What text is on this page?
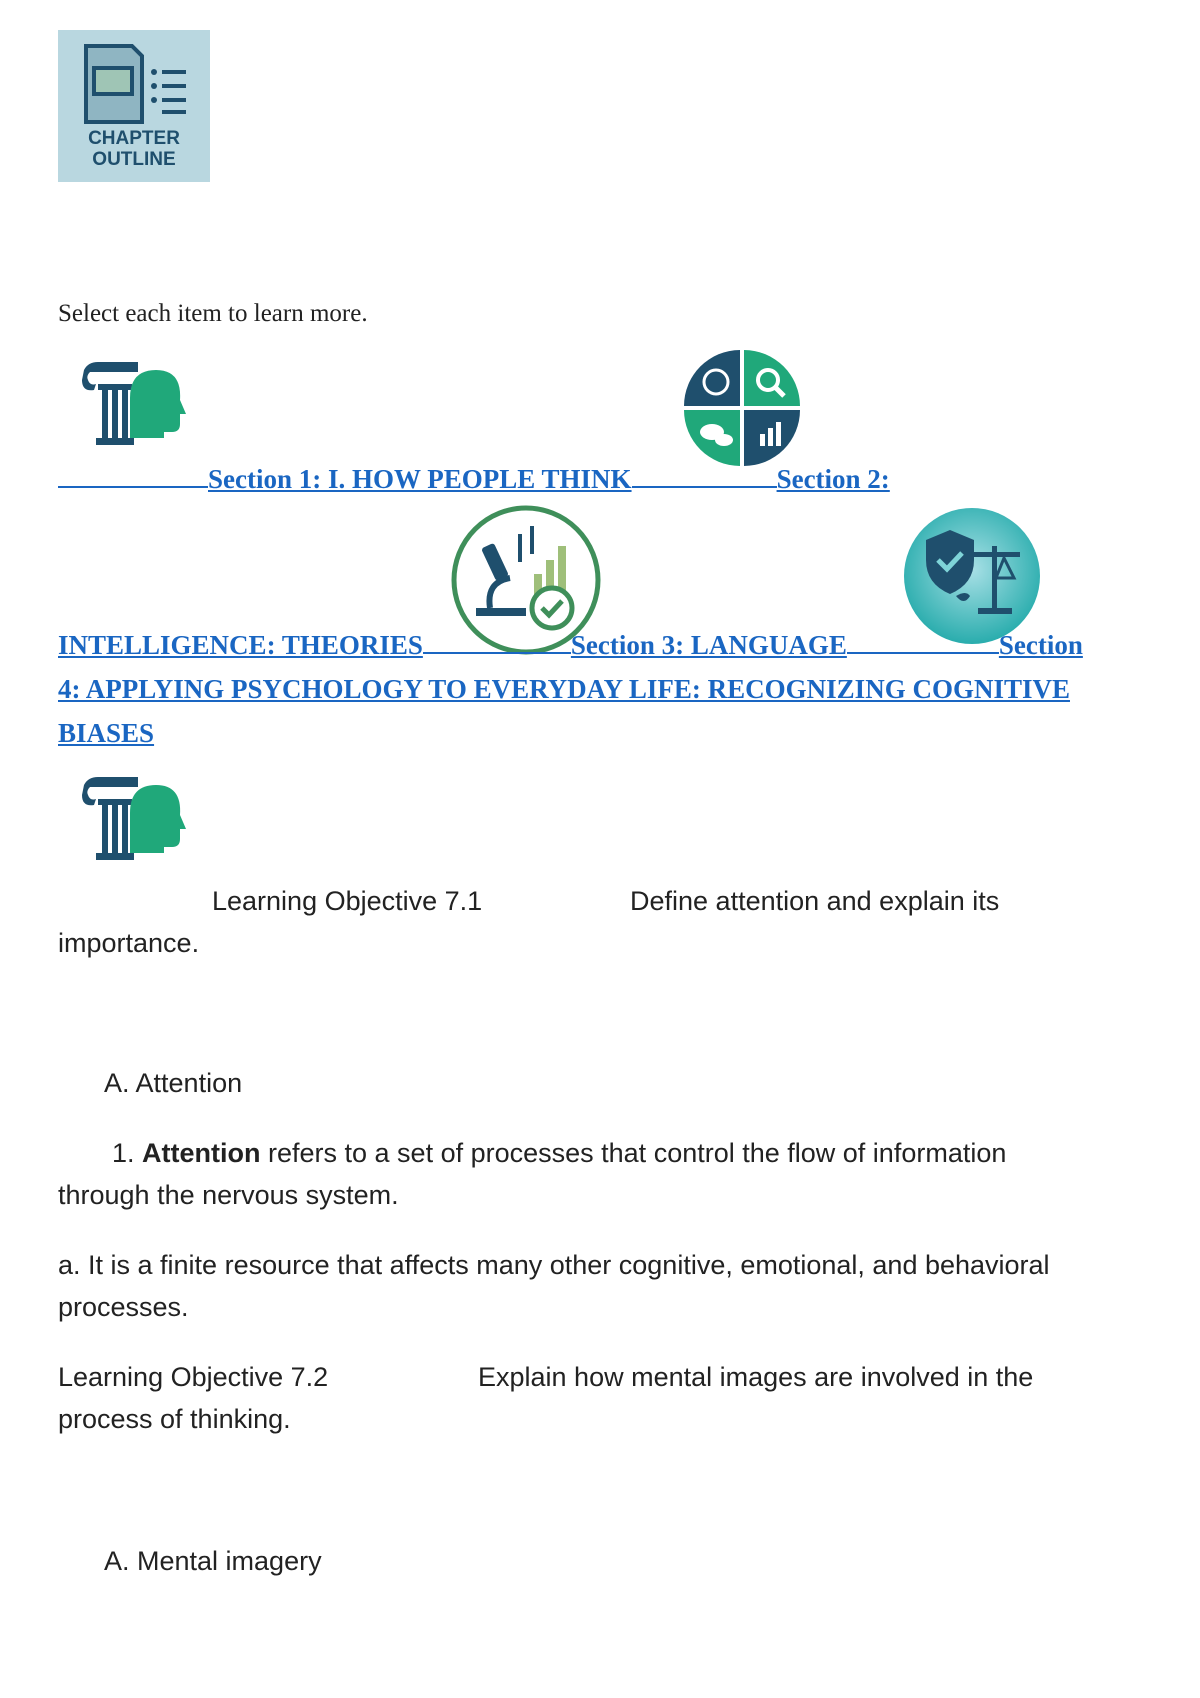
CHAPTER
OUTLINE
Select each item to learn more.
Section 1: I. HOW PEOPLE THINK	Section 2:
INTELLIGENCE: THEORIES	Section 3: LANGUAGE	Section
4: APPLYING PSYCHOLOGY TO EVERYDAY LIFE: RECOGNIZING COGNITIVE
BIASES
Learning Objective 7.1	Define attention and explain its
importance.
A. Attention
1. Attention refers to a set of processes that control the flow of information
through the nervous system.
a. It is a finite resource that affects many other cognitive, emotional, and behavioral
processes.
Learning Objective 7.2	Explain how mental images are involved in the
process of thinking.
A. Mental imagery
